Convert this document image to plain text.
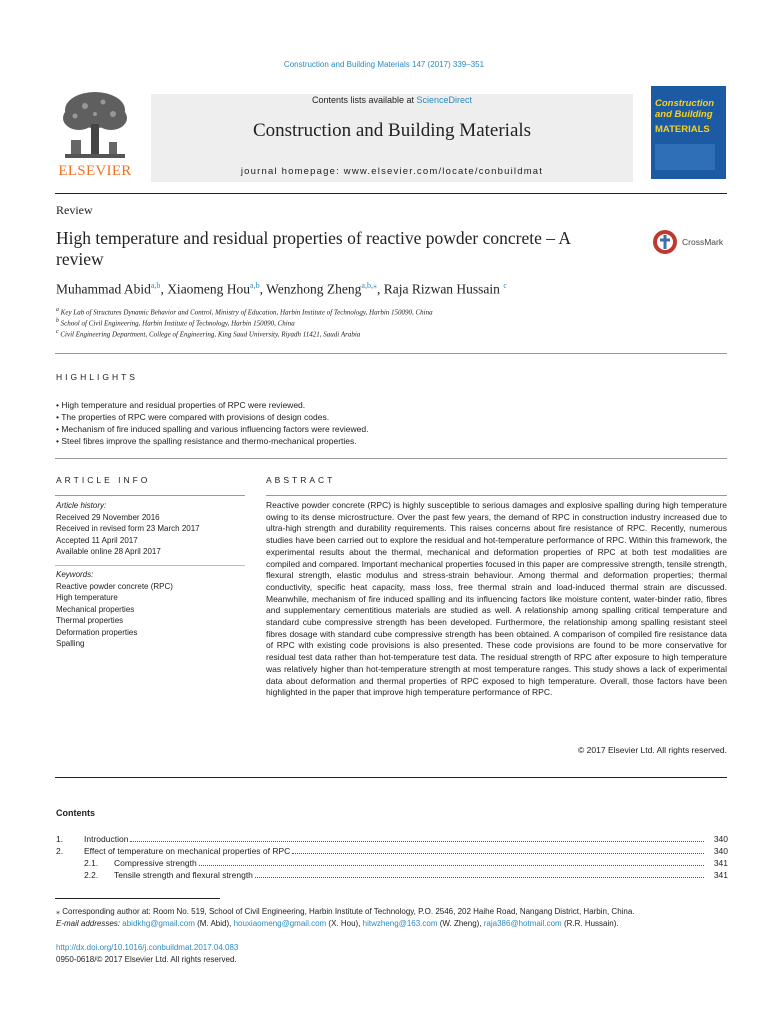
Construction and Building Materials 147 (2017) 339–351
ELSEVIER
Contents lists available at ScienceDirect
Construction and Building Materials
journal homepage: www.elsevier.com/locate/conbuildmat
Construction and Building
MATERIALS
Review
High temperature and residual properties of reactive powder concrete – A review
CrossMark
Muhammad Abid$^{a,b}$, Xiaomeng Hou$^{a,b}$, Wenzhong Zheng$^{a,b,⁎}$, Raja Rizwan Hussain $^c$
$^a$ Key Lab of Structures Dynamic Behavior and Control, Ministry of Education, Harbin Institute of Technology, Harbin 150090, China
$^b$ School of Civil Engineering, Harbin Institute of Technology, Harbin 150090, China
$^c$ Civil Engineering Department, College of Engineering, King Saud University, Riyadh 11421, Saudi Arabia
HIGHLIGHTS
• High temperature and residual properties of RPC were reviewed.
• The properties of RPC were compared with provisions of design codes.
• Mechanism of fire induced spalling and various influencing factors were reviewed.
• Steel fibres improve the spalling resistance and thermo-mechanical properties.
ARTICLE INFO	ABSTRACT
Article history:
Received 29 November 2016
Received in revised form 23 March 2017
Accepted 11 April 2017
Available online 28 April 2017
Keywords:
Reactive powder concrete (RPC)
High temperature
Mechanical properties
Thermal properties
Deformation properties
Spalling
Reactive powder concrete (RPC) is highly susceptible to serious damages and explosive spalling during high temperature owing to its dense microstructure. Over the past few years, the demand of RPC in construction industry increased due to ultra-high strength and durability requirements. This raises concerns about fire resistance of RPC. Recently, numerous studies have been carried out to explore the residual and hot-temperature performance of RPC. Within this framework, the experimental results about the thermal, mechanical and deformation properties of RPC at both test modalities are compiled and compared. Important mechanical properties focused in this paper are compressive strength, tensile strength, flexural strength, elastic modulus and stress-strain behaviour. Among thermal and deformation properties; thermal conductivity, specific heat capacity, mass loss, free thermal strain and load-induced thermal strain are discussed. Meanwhile, mechanism of fire induced spalling and its influencing factors like moisture content, water-binder ratio, fibres and supplementary cementitious materials are studied as well. A relationship among spalling critical temperature and standard cube compressive strength has been developed. Furthermore, the relationship among spalling resistant steel fibres dosage with standard cube compressive strength has been obtained. A comparison of compiled fire resistance data of RPC with existing code provisions is also presented. These code provisions are found to be more conservative for residual test data rather than hot-temperature test data. The residual strength of RPC after exposure to high temperature was relatively higher than hot-temperature strength at most temperature ranges. This study shows a lack of experimental data about deformation and thermal properties of RPC exposed to high temperature. Overall, those factors have been highlighted in the paper that improve high temperature performance of RPC.
© 2017 Elsevier Ltd. All rights reserved.
Contents
1.	Introduction	340
2.	Effect of temperature on mechanical properties of RPC	340
2.1.	Compressive strength	341
2.2.	Tensile strength and flexural strength	341
⁎ Corresponding author at: Room No. 519, School of Civil Engineering, Harbin Institute of Technology, P.O. 2546, 202 Haihe Road, Nangang District, Harbin, China.
E-mail addresses: abidkhg@gmail.com (M. Abid), houxiaomeng@gmail.com (X. Hou), hitwzheng@163.com (W. Zheng), raja386@hotmail.com (R.R. Hussain).
http://dx.doi.org/10.1016/j.conbuildmat.2017.04.083
0950-0618/© 2017 Elsevier Ltd. All rights reserved.
